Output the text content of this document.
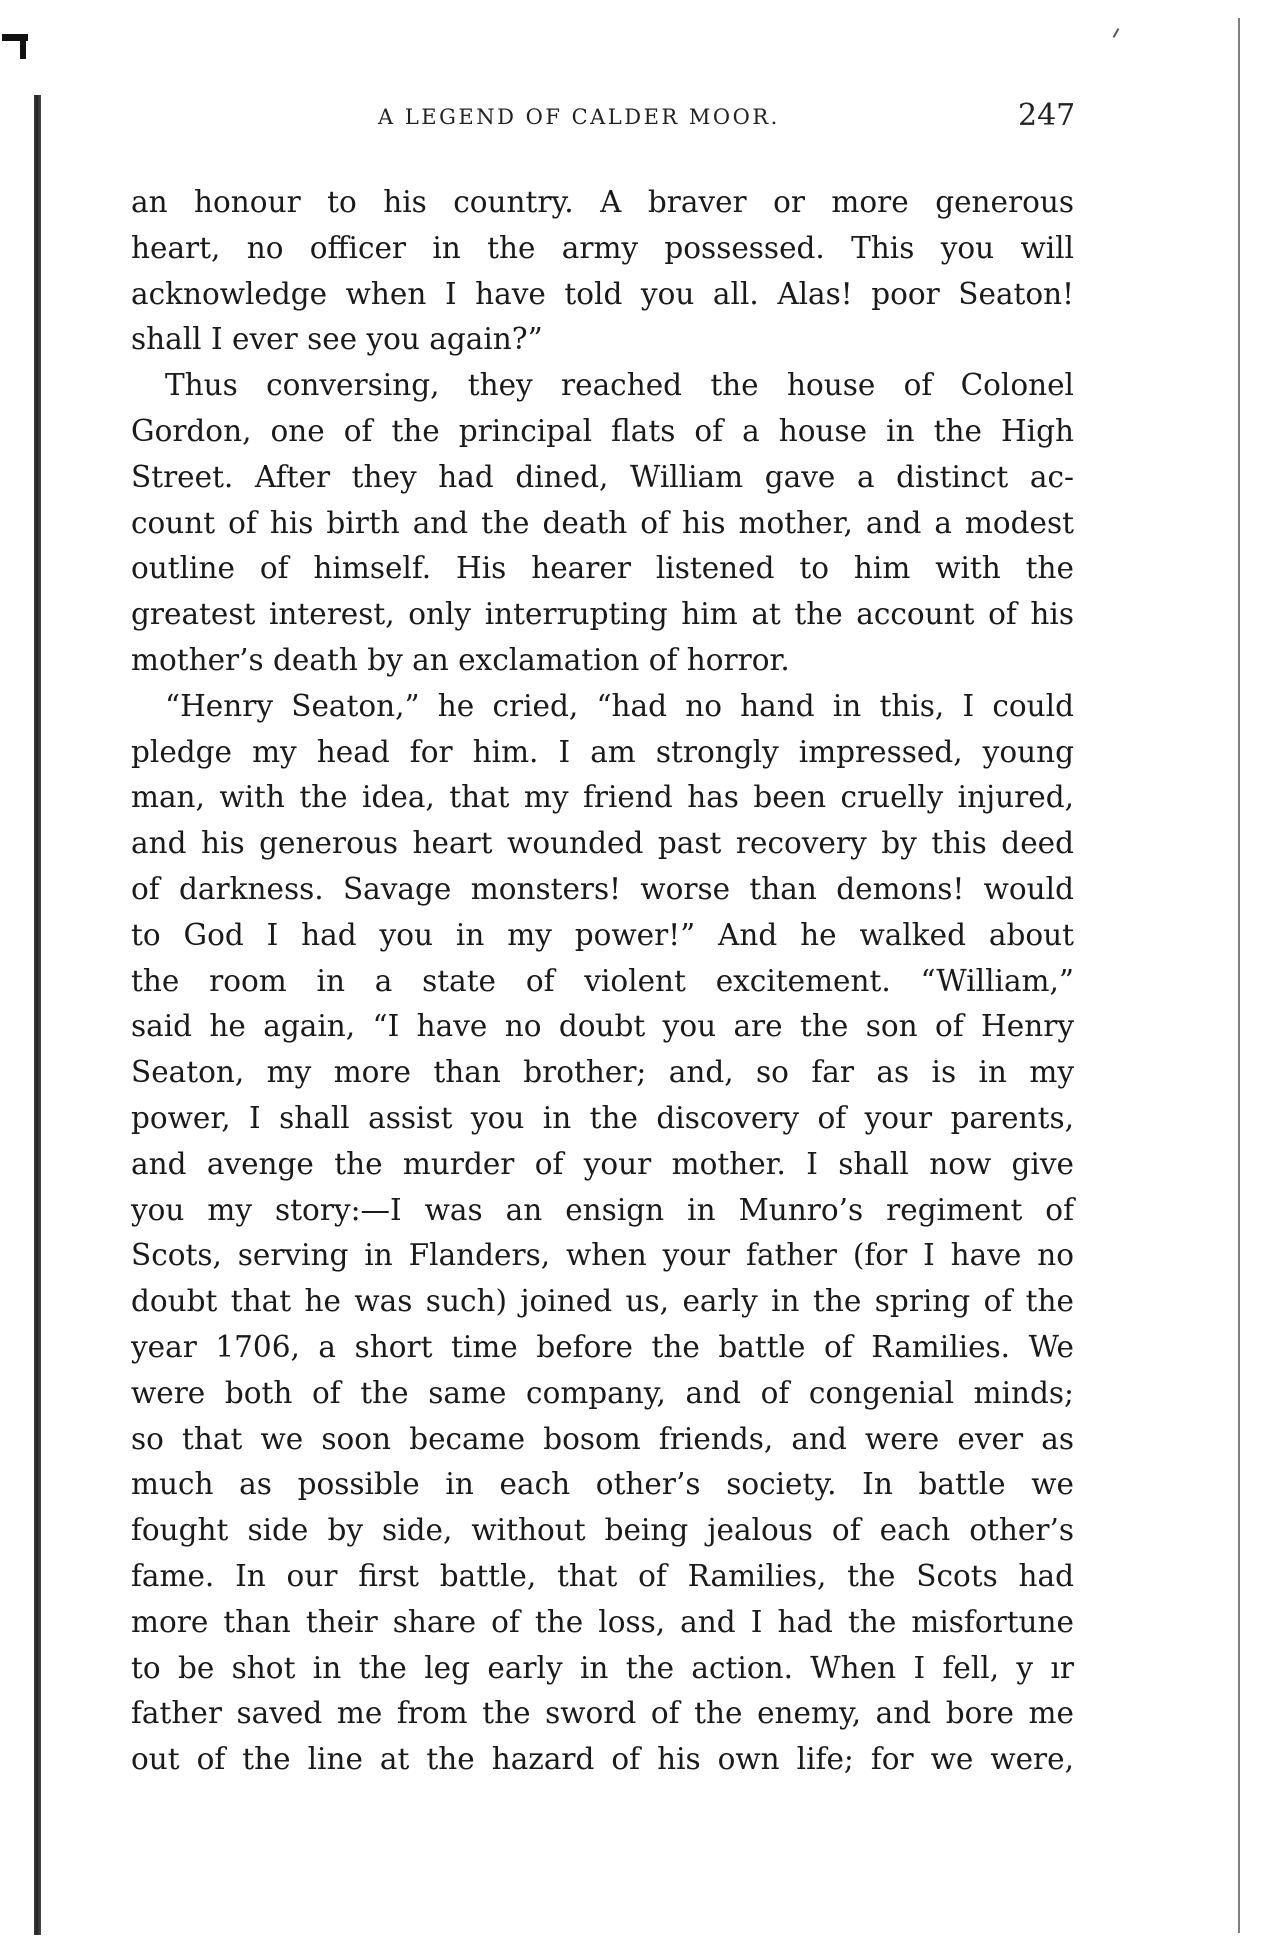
A LEGEND OF CALDER MOOR.	247
an honour to his country. A braver or more generous
heart, no officer in the army possessed. This you will
acknowledge when I have told you all. Alas! poor Seaton!
shall I ever see you again?”
Thus conversing, they reached the house of Colonel
Gordon, one of the principal flats of a house in the High
Street. After they had dined, William gave a distinct ac-
count of his birth and the death of his mother, and a modest
outline of himself. His hearer listened to him with the
greatest interest, only interrupting him at the account of his
mother’s death by an exclamation of horror.
“Henry Seaton,” he cried, “had no hand in this, I could
pledge my head for him. I am strongly impressed, young
man, with the idea, that my friend has been cruelly injured,
and his generous heart wounded past recovery by this deed
of darkness. Savage monsters! worse than demons! would
to God I had you in my power!” And he walked about
the room in a state of violent excitement. “William,”
said he again, “I have no doubt you are the son of Henry
Seaton, my more than brother; and, so far as is in my
power, I shall assist you in the discovery of your parents,
and avenge the murder of your mother. I shall now give
you my story:—I was an ensign in Munro’s regiment of
Scots, serving in Flanders, when your father (for I have no
doubt that he was such) joined us, early in the spring of the
year 1706, a short time before the battle of Ramilies. We
were both of the same company, and of congenial minds;
so that we soon became bosom friends, and were ever as
much as possible in each other’s society. In battle we
fought side by side, without being jealous of each other’s
fame. In our first battle, that of Ramilies, the Scots had
more than their share of the loss, and I had the misfortune
to be shot in the leg early in the action. When I fell, y ır
father saved me from the sword of the enemy, and bore me
out of the line at the hazard of his own life; for we were,
